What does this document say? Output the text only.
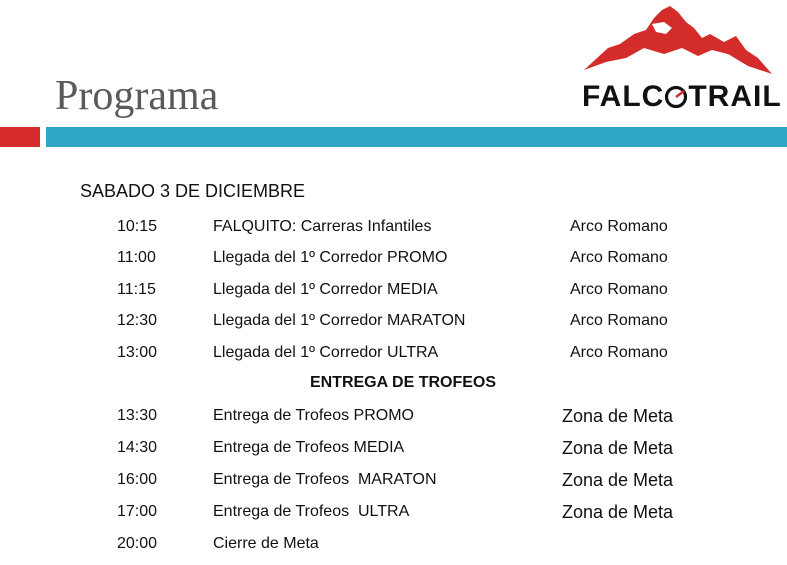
Programa	FALC TRAIL
SABADO 3 DE DICIEMBRE
10:15	FALQUITO: Carreras Infantiles	Arco Romano
11:00	Llegada del 1º Corredor PROMO	Arco Romano
11:15	Llegada del 1º Corredor MEDIA	Arco Romano
12:30	Llegada del 1º Corredor MARATON	Arco Romano
13:00	Llegada del 1º Corredor ULTRA	Arco Romano
ENTREGA DE TROFEOS
13:30	Entrega de Trofeos PROMO	Zona de Meta
14:30	Entrega de Trofeos MEDIA	Zona de Meta
16:00	Entrega de Trofeos  MARATON	Zona de Meta
17:00	Entrega de Trofeos  ULTRA	Zona de Meta
20:00	Cierre de Meta
